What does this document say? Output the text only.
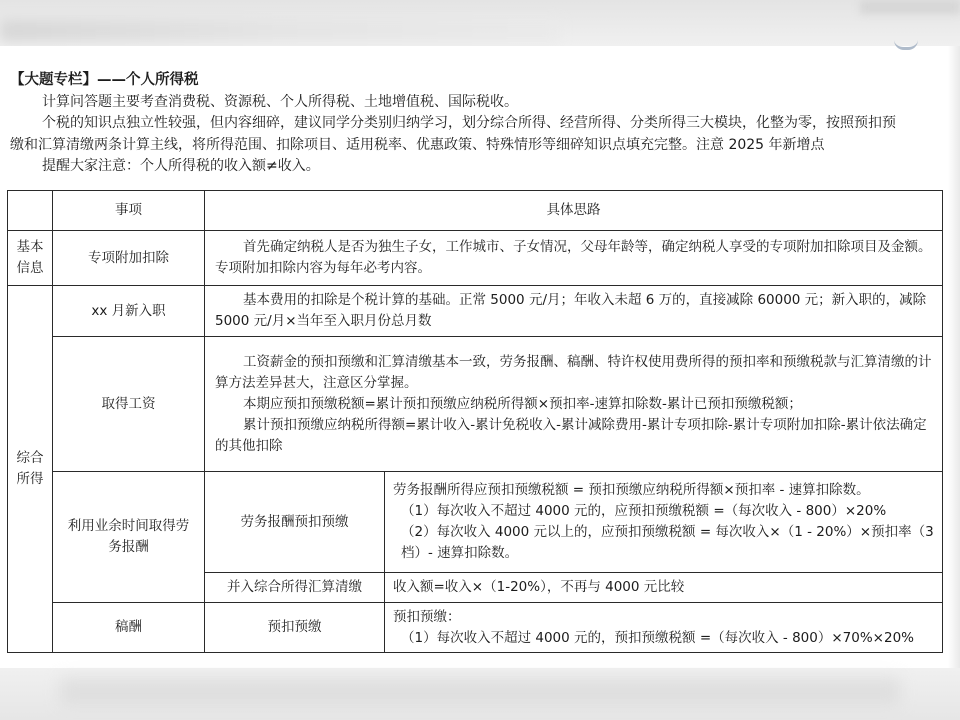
【大题专栏】——个人所得税

计算问答题主要考查消费税、资源税、个人所得税、土地增值税、国际税收。

个税的知识点独立性较强，但内容细碎，建议同学分类别归纳学习，划分综合所得、经营所得、分类所得三大模块，化整为零，按照预扣预

缴和汇算清缴两条计算主线，将所得范围、扣除项目、适用税率、优惠政策、特殊情形等细碎知识点填充完整。注意 2025 年新增点

提醒大家注意：个人所得税的收入额≠收入。

	事项	具体思路	
基本
信息	专项附加扣除	首先确定纳税人是否为独生子女，工作城市、子女情况，父母年龄等，确定纳税人享受的专项附加扣除项目及金额。专项附加扣除内容为每年必考内容。	
综合
所得	xx 月新入职	基本费用的扣除是个税计算的基础。正常 5000 元/月；年收入未超 6 万的，直接减除 60000 元；新入职的，减除 5000 元/月×当年至入职月份总月数	
	取得工资	工资薪金的预扣预缴和汇算清缴基本一致，劳务报酬、稿酬、特许权使用费所得的预扣率和预缴税款与汇算清缴的计算方法差异甚大，注意区分掌握。

本期应预扣预缴税额=累计预扣预缴应纳税所得额×预扣率-速算扣除数-累计已预扣预缴税额；

累计预扣预缴应纳税所得额=累计收入-累计免税收入-累计减除费用-累计专项扣除-累计专项附加扣除-累计依法确定的其他扣除	

	利用业余时间取得劳务报酬	劳务报酬预扣预缴	劳务报酬所得应预扣预缴税额 = 预扣预缴应纳税所得额×预扣率 - 速算扣除数。

（1）每次收入不超过 4000 元的，应预扣预缴税额 =（每次收入 - 800）×20%

（2）每次收入 4000 元以上的，应预扣预缴税额 = 每次收入×（1 - 20%）×预扣率（3 档）- 速算扣除数。

		并入综合所得汇算清缴	收入额=收入×（1-20%），不再与 4000 元比较
	稿酬	预扣预缴	预扣预缴：

（1）每次收入不超过 4000 元的，预扣预缴税额 =（每次收入 - 800）×70%×20%
